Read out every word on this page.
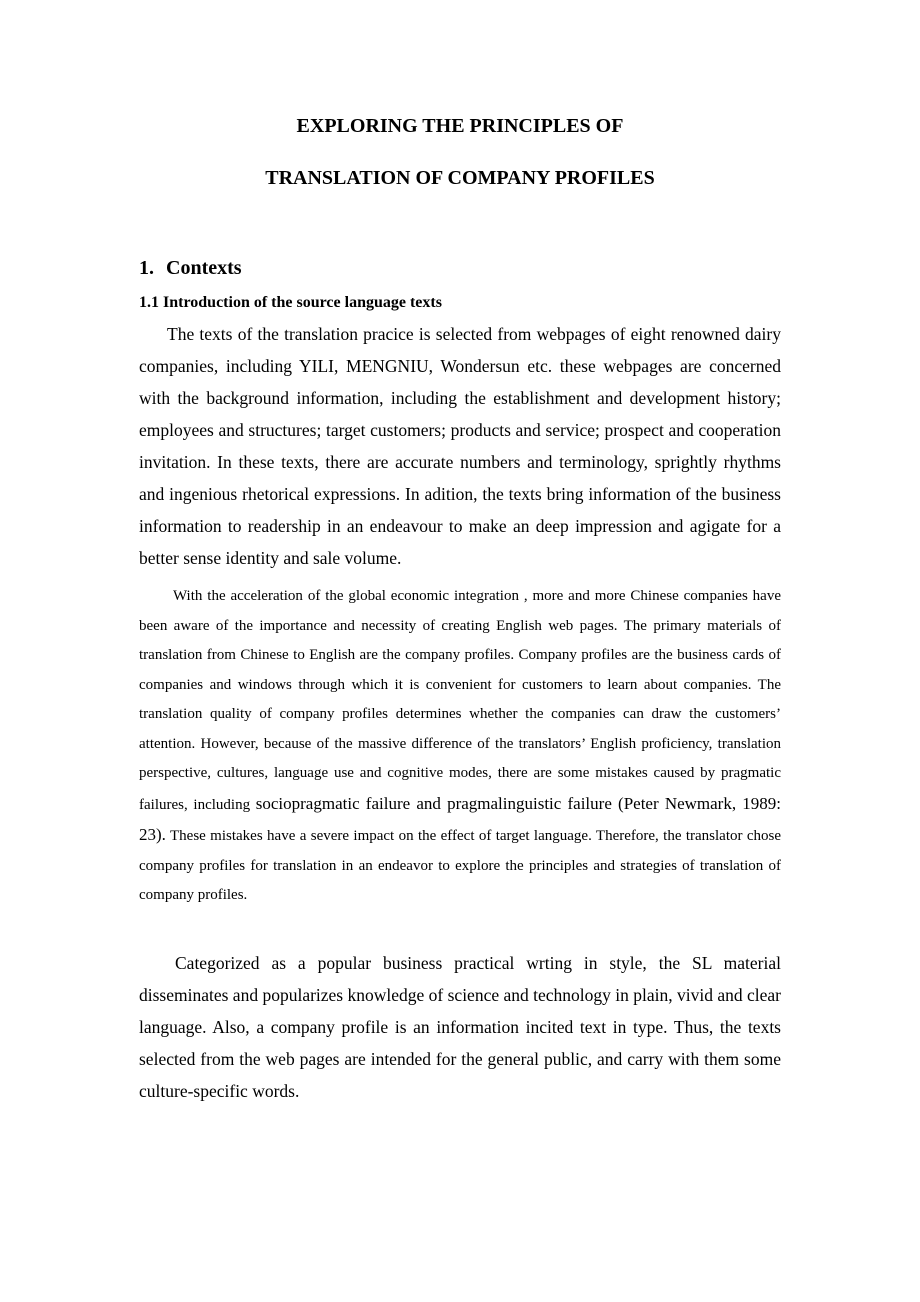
EXPLORING THE PRINCIPLES OF
TRANSLATION OF COMPANY PROFILES
1. Contexts
1.1 Introduction of the source language texts

The texts of the translation pracice is selected from webpages of eight renowned dairy companies, including YILI, MENGNIU, Wondersun etc. these webpages are concerned with the background information, including the establishment and development history; employees and structures; target customers; products and service; prospect and cooperation invitation. In these texts, there are accurate numbers and terminology, sprightly rhythms and ingenious rhetorical expressions. In adition, the texts bring information of the business information to readership in an endeavour to make an deep impression and agigate for a better sense identity and sale volume.

With the acceleration of the global economic integration , more and more Chinese companies have been aware of the importance and necessity of creating English web pages. The primary materials of translation from Chinese to English are the company profiles. Company profiles are the business cards of companies and windows through which it is convenient for customers to learn about companies. The translation quality of company profiles determines whether the companies can draw the customers’ attention. However, because of the massive difference of the translators’ English proficiency, translation perspective, cultures, language use and cognitive modes, there are some mistakes caused by pragmatic failures, including sociopragmatic failure and pragmalinguistic failure (Peter Newmark, 1989: 23). These mistakes have a severe impact on the effect of target language. Therefore, the translator chose company profiles for translation in an endeavor to explore the principles and strategies of translation of company profiles.

Categorized as a popular business practical wrting in style, the SL material disseminates and popularizes knowledge of science and technology in plain, vivid and clear language. Also, a company profile is an information incited text in type. Thus, the texts selected from the web pages are intended for the general public, and carry with them some culture-specific words.
